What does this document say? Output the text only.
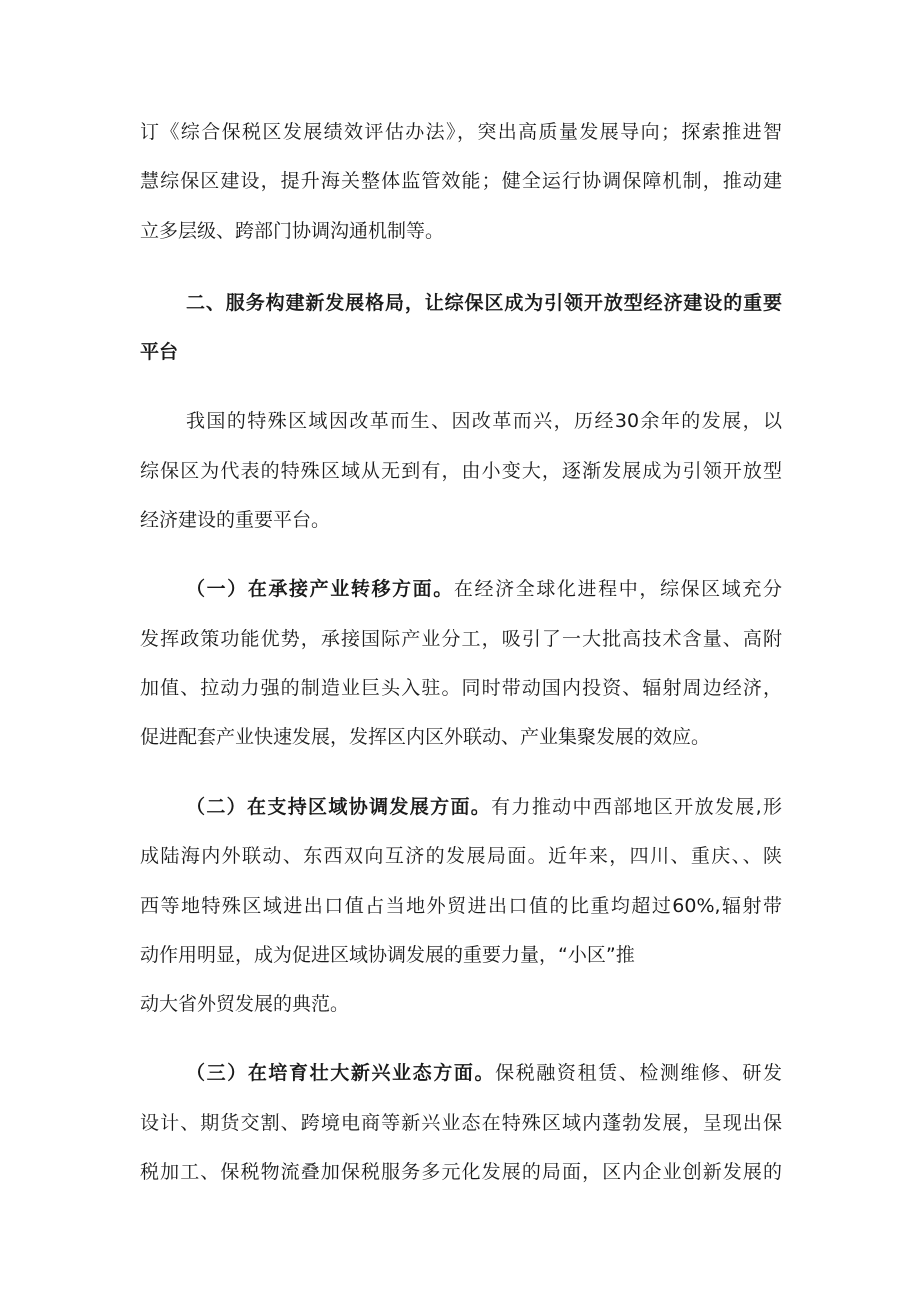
订《综合保税区发展绩效评估办法》，突出高质量发展导向；探索推进智
慧综保区建设，提升海关整体监管效能；健全运行协调保障机制，推动建
立多层级、跨部门协调沟通机制等。
二、服务构建新发展格局，让综保区成为引领开放型经济建设的重要
平台
我国的特殊区域因改革而生、因改革而兴，历经30余年的发展，以
综保区为代表的特殊区域从无到有，由小变大，逐渐发展成为引领开放型
经济建设的重要平台。
（一）在承接产业转移方面。在经济全球化进程中，综保区域充分
发挥政策功能优势，承接国际产业分工，吸引了一大批高技术含量、高附
加值、拉动力强的制造业巨头入驻。同时带动国内投资、辐射周边经济，
促进配套产业快速发展，发挥区内区外联动、产业集聚发展的效应。
（二）在支持区域协调发展方面。有力推动中西部地区开放发展,形
成陆海内外联动、东西双向互济的发展局面。近年来，四川、重庆、、陕
西等地特殊区域进出口值占当地外贸进出口值的比重均超过60%,辐射带
动作用明显，成为促进区域协调发展的重要力量，“小区”推
动大省外贸发展的典范。
（三）在培育壮大新兴业态方面。保税融资租赁、检测维修、研发
设计、期货交割、跨境电商等新兴业态在特殊区域内蓬勃发展，呈现出保
税加工、保税物流叠加保税服务多元化发展的局面，区内企业创新发展的
